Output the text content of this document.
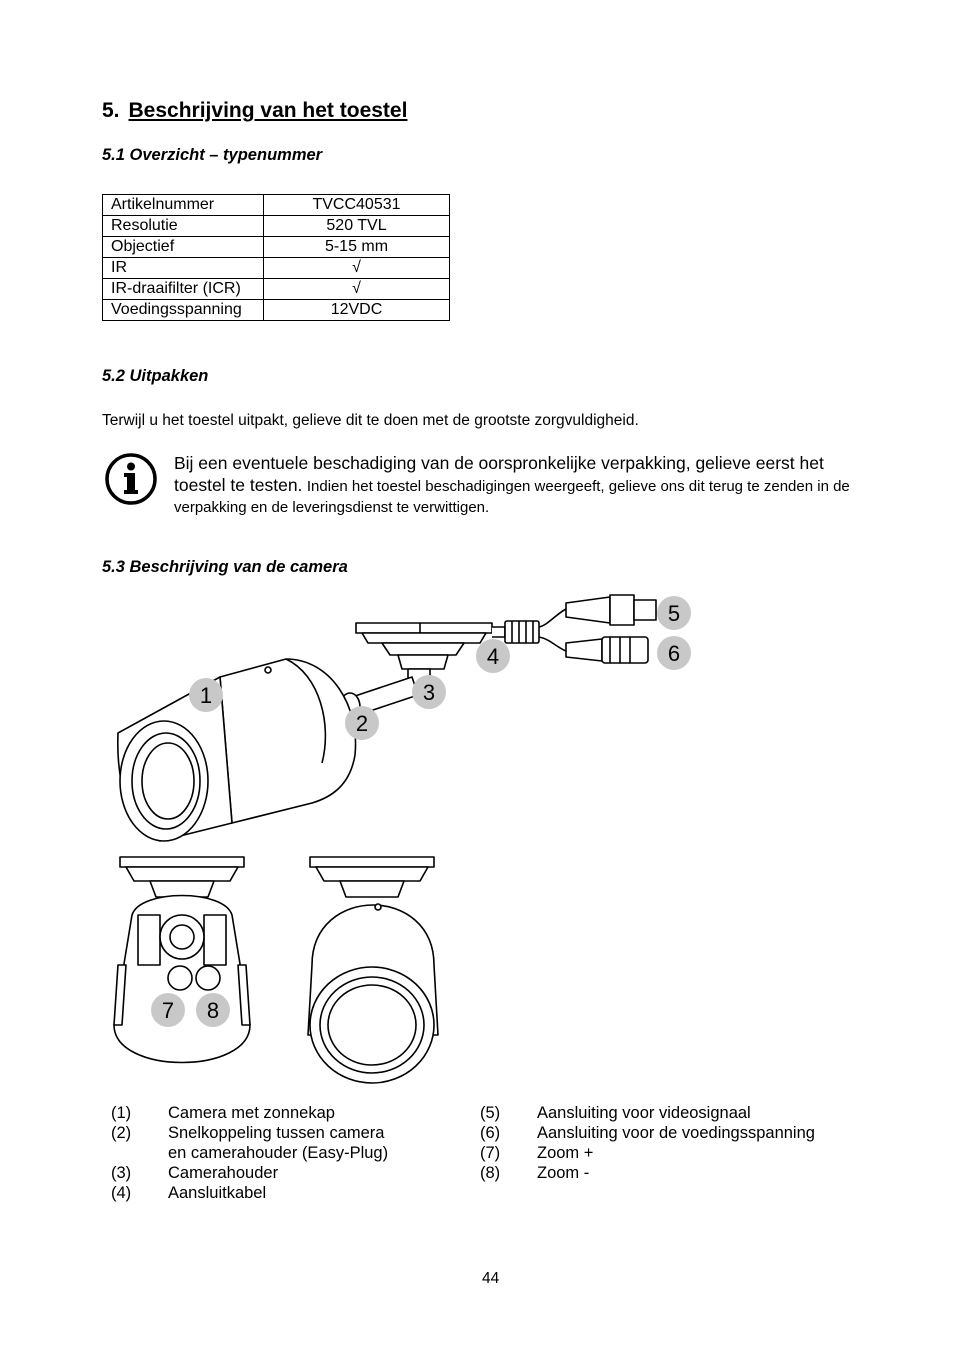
5. Beschrijving van het toestel
5.1 Overzicht – typenummer
Artikelnummer	TVCC40531
Resolutie	520 TVL
Objectief	5-15 mm
IR	√
IR-draaifilter (ICR)	√
Voedingsspanning	12VDC
5.2 Uitpakken
Terwijl u het toestel uitpakt, gelieve dit te doen met de grootste zorgvuldigheid.
Bij een eventuele beschadiging van de oorspronkelijke verpakking, gelieve eerst het toestel te testen. Indien het toestel beschadigingen weergeeft, gelieve ons dit terug te zenden in de verpakking en de leveringsdienst te verwittigen.
5.3 Beschrijving van de camera
1
2
3
4
5
6
7 8
(1)	Camera met zonnekap
(2)	Snelkoppeling tussen camera
en camerahouder (Easy-Plug)
(3)	Camerahouder
(4)	Aansluitkabel
(5)	Aansluiting voor videosignaal
(6)	Aansluiting voor de voedingsspanning
(7)	Zoom +
(8)	Zoom -
44
